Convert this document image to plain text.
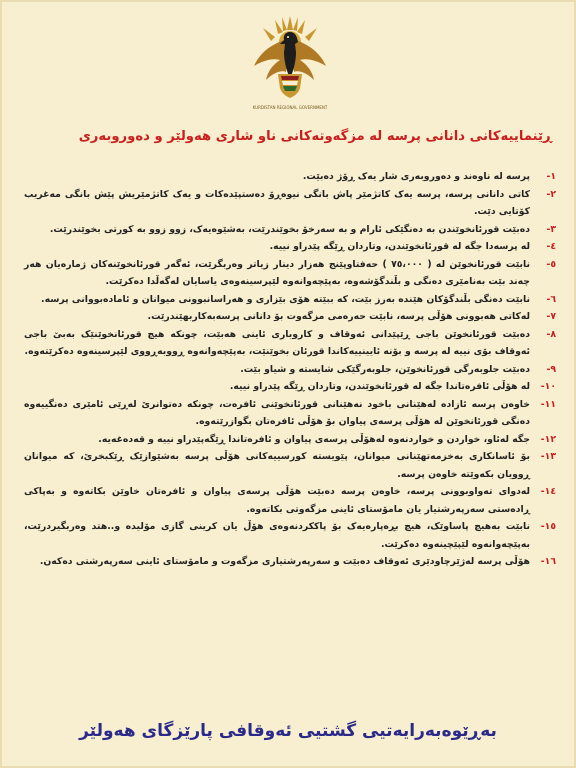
KURDISTAN REGIONAL GOVERNMENT
ڕێنماییەکانی دانانی پرسە لە مزگەوتەکانی ناو شاری هەولێر و دەوروبەری
١-
پرسە لە ناوەند و دەوروبەری شار یەک ڕۆژ دەبێت.
٢-
کاتی دانانی پرسە، پرسە یەک کاتژمێر پاش بانگی نیوەڕۆ دەستپێدەکات و یەک کاتژمێریش پێش بانگی مەغریب کۆتایی دێت.
٣-
دەبێت قورئانخوێندن بە دەنگێکی ئارام و بە سەرخۆ بخوێندرێت، بەشێوەیەک، زوو زوو بە کورتی بخوێندرێت.
٤-
لە پرسەدا جگە لە قورئانخوێندن، وتاردان ڕێگە پێدراو نییە.
٥-
نابێت قورئانخوێن لە ( ٧٥،٠٠٠ ) حەفتاوپێنج هەزار دینار زیاتر وەربگرێت، ئەگەر قورئانخوێنەکان ژمارەیان هەر چەند بێت بەنامێری دەنگی و بڵندگۆشەوە، بەپێچەوانەوە لێپرسینەوەی یاسایان لەگەڵدا دەکرێت.
٦-
نابێت دەنگی بڵندگۆکان هێندە بەرز بێت، کە ببێتە هۆی بێزاری و هەراسانبوونی میوانان و ئامادەبووانی پرسە.
٧-
لەکاتی هەبوونی هۆڵی پرسە، نابێت حەرەمی مزگەوت بۆ دانانی پرسەبەکاربهێندرێت.
٨-
دەبێت قورئانخوێن باجی ڕێپێدانی ئەوقاف و کاروباری ئاینی هەبێت، چونکە هیچ قورئانخوێنێک بەبێ باجی ئەوقاف بۆی نییە لە پرسە و بۆنە ئایینییەکاندا قورئان بخوێنێت، بەپێچەوانەوە ڕووبەڕووی لێپرسینەوە دەکرێتەوە.
٩-
دەبێت جلوبەرگی قورئانخوێن، جلوبەرگێکی شایستە و شیاو بێت.
١٠-
لە هۆڵی ئافرەتاندا جگە لە قورئانخوێندن، وتاردان ڕێگە پێدراو نییە.
١١-
خاوەن پرسە ئازادە لەهێنانی باخود نەهێنانی قورئانخوێنی ئافرەت، چونکە دەتوانرێ لەڕێی ئامێری دەنگییەوە دەنگی قورئانخوێن لە هۆڵی پرسەی پیاوان بۆ هۆڵی ئافرەتان بگوازرێتەوە.
١٢-
جگە لەئاو، خواردن و خواردنەوە لەهۆڵی پرسەی پیاوان و ئافرەتاندا ڕێگەپێدراو نییە و قەدەغەیە.
١٣-
بۆ ئاسانکاری بەخزمەتهێنانی میوانان، پێویستە کورسییەکانی هۆڵی پرسە بەشێوازێک ڕێکبخرێ، کە میوانان ڕوویان بکەوێتە خاوەن پرسە.
١٤-
لەدوای تەواوبوونی پرسە، خاوەن پرسە دەبێت هۆڵی پرسەی پیاوان و ئافرەتان خاوێن بکاتەوە و بەپاکی ڕادەستی سەرپەرشتیار یان مامۆستای ئاینی مزگەوتی بکاتەوە.
١٥-
نابێت بەهیچ پاساوێک، هیچ بڕەپارەیەک بۆ پاککردنەوەی هۆڵ یان کرینی گازی مۆلیدە و..هتد وەربگیردرێت، بەپێچەوانەوە لێپێچینەوە دەکرێت.
١٦-
هۆڵی پرسە لەژێرچاودێری ئەوقاف دەبێت و سەرپەرشتیاری مزگەوت و مامۆستای ئاینی سەرپەرشتی دەکەن.
بەڕێوەبەرایەتیی گشتیی ئەوقافی پارێزگای هەولێر
